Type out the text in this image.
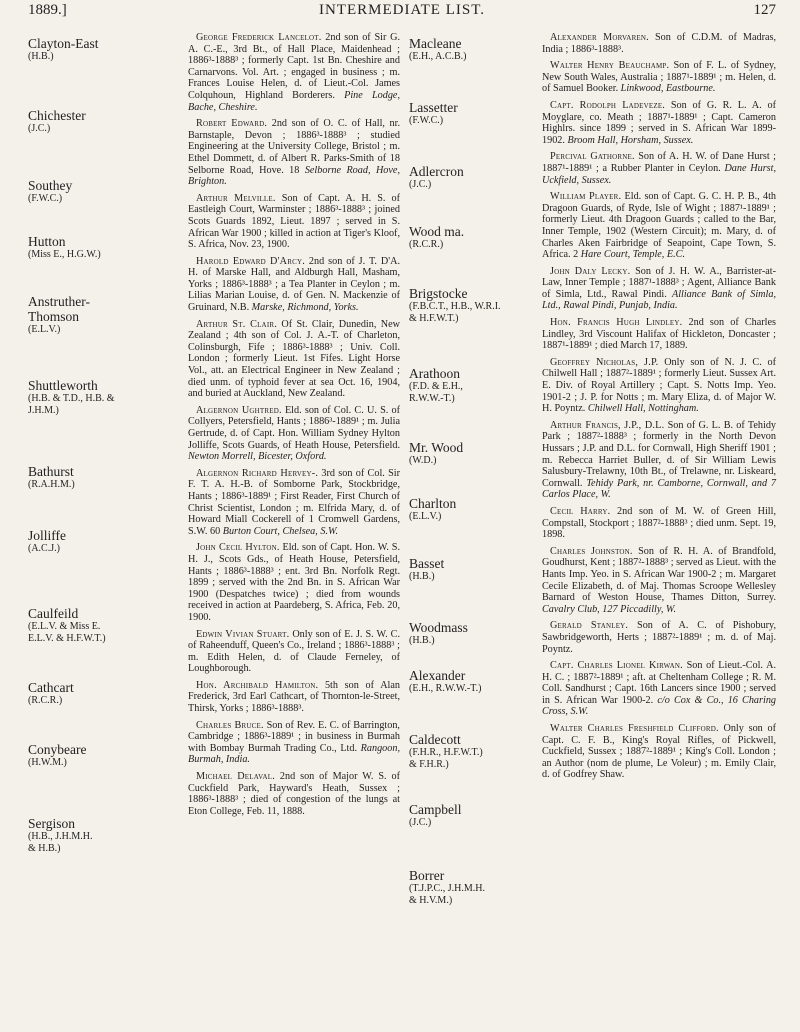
1889.]	INTERMEDIATE LIST.	127
Clayton-East
(H.B.)
Chichester
(J.C.)
Southey
(F.W.C.)
Hutton
(Miss E., H.G.W.)
Anstruther-
Thomson
(E.L.V.)
Shuttleworth
(H.B. & T.D., H.B. &
J.H.M.)
Bathurst
(R.A.H.M.)
Jolliffe
(A.C.J.)
Caulfeild
(E.L.V. & Miss E.
E.L.V. & H.F.W.T.)
Cathcart
(R.C.R.)
Conybeare
(H.W.M.)
Sergison
(H.B., J.H.M.H.
& H.B.)

George Frederick Lancelot. 2nd son of Sir G. A. C.-E., 3rd Bt., of Hall Place, Maidenhead ; 1886³-1888³ ; formerly Capt. 1st Bn. Cheshire and Carnarvons. Vol. Art. ; engaged in business ; m. Frances Louise Helen, d. of Lieut.-Col. James Colquhoun, Highland Borderers. Pine Lodge, Bache, Cheshire.

Robert Edward. 2nd son of O. C. of Hall, nr. Barnstaple, Devon ; 1886³-1888³ ; studied Engineering at the University College, Bristol ; m. Ethel Dommett, d. of Albert R. Parks-Smith of 18 Selborne Road, Hove. 18 Selborne Road, Hove, Brighton.

Arthur Melville. Son of Capt. A. H. S. of Eastleigh Court, Warminster ; 1886³-1888³ ; joined Scots Guards 1892, Lieut. 1897 ; served in S. African War 1900 ; killed in action at Tiger's Kloof, S. Africa, Nov. 23, 1900.

Harold Edward D'Arcy. 2nd son of J. T. D'A. H. of Marske Hall, and Aldburgh Hall, Masham, Yorks ; 1886³-1888³ ; a Tea Planter in Ceylon ; m. Lilias Marian Louise, d. of Gen. N. Mackenzie of Gruinard, N.B. Marske, Richmond, Yorks.

Arthur St. Clair. Of St. Clair, Dunedin, New Zealand ; 4th son of Col. J. A.-T. of Charleton, Colinsburgh, Fife ; 1886³-1888³ ; Univ. Coll. London ; formerly Lieut. 1st Fifes. Light Horse Vol., att. an Electrical Engineer in New Zealand ; died unm. of typhoid fever at sea Oct. 16, 1904, and buried at Auckland, New Zealand.

Algernon Ughtred. Eld. son of Col. C. U. S. of Collyers, Petersfield, Hants ; 1886³-1889¹ ; m. Julia Gertrude, d. of Capt. Hon. William Sydney Hylton Jolliffe, Scots Guards, of Heath House, Petersfield. Newton Morrell, Bicester, Oxford.

Algernon Richard Hervey-. 3rd son of Col. Sir F. T. A. H.-B. of Somborne Park, Stockbridge, Hants ; 1886³-1889¹ ; First Reader, First Church of Christ Scientist, London ; m. Elfrida Mary, d. of Howard Miall Cockerell of 1 Cromwell Gardens, S.W. 60 Burton Court, Chelsea, S.W.

John Cecil Hylton. Eld. son of Capt. Hon. W. S. H. J., Scots Gds., of Heath House, Petersfield, Hants ; 1886³-1888³ ; ent. 3rd Bn. Norfolk Regt. 1899 ; served with the 2nd Bn. in S. African War 1900 (Despatches twice) ; died from wounds received in action at Paardeberg, S. Africa, Feb. 20, 1900.

Edwin Vivian Stuart. Only son of E. J. S. W. C. of Raheenduff, Queen's Co., Ireland ; 1886³-1888³ ; m. Edith Helen, d. of Claude Ferneley, of Loughborough.

Hon. Archibald Hamilton. 5th son of Alan Frederick, 3rd Earl Cathcart, of Thornton-le-Street, Thirsk, Yorks ; 1886³-1888³.

Charles Bruce. Son of Rev. E. C. of Barrington, Cambridge ; 1886³-1889¹ ; in business in Burmah with Bombay Burmah Trading Co., Ltd. Rangoon, Burmah, India.

Michael Delaval. 2nd son of Major W. S. of Cuckfield Park, Hayward's Heath, Sussex ; 1886³-1888³ ; died of congestion of the lungs at Eton College, Feb. 11, 1888.

Macleane
(E.H., A.C.B.)
Lassetter
(F.W.C.)
Adlercron
(J.C.)
Wood ma.
(R.C.R.)
Brigstocke
(F.B.C.T., H.B., W.R.I.
& H.F.W.T.)
Arathoon
(F.D. & E.H.,
R.W.W.-T.)
Mr. Wood
(W.D.)
Charlton
(E.L.V.)
Basset
(H.B.)
Woodmass
(H.B.)
Alexander
(E.H., R.W.W.-T.)
Caldecott
(F.H.R., H.F.W.T.)
& F.H.R.)
Campbell
(J.C.)
Borrer
(T.J.P.C., J.H.M.H.
& H.V.M.)

Alexander Morvaren. Son of C.D.M. of Madras, India ; 1886³-1888³.

Walter Henry Beauchamp. Son of F. L. of Sydney, New South Wales, Australia ; 1887¹-1889¹ ; m. Helen, d. of Samuel Booker. Linkwood, Eastbourne.

Capt. Rodolph Ladeveze. Son of G. R. L. A. of Moyglare, co. Meath ; 1887¹-1889¹ ; Capt. Cameron Highlrs. since 1899 ; served in S. African War 1899-1902. Broom Hall, Horsham, Sussex.

Percival Gathorne. Son of A. H. W. of Dane Hurst ; 1887¹-1889¹ ; a Rubber Planter in Ceylon. Dane Hurst, Uckfield, Sussex.

William Player. Eld. son of Capt. G. C. H. P. B., 4th Dragoon Guards, of Ryde, Isle of Wight ; 1887¹-1889¹ ; formerly Lieut. 4th Dragoon Guards ; called to the Bar, Inner Temple, 1902 (Western Circuit); m. Mary, d. of Charles Aken Fairbridge of Seapoint, Cape Town, S. Africa. 2 Hare Court, Temple, E.C.

John Daly Lecky. Son of J. H. W. A., Barrister-at-Law, Inner Temple ; 1887¹-1888³ ; Agent, Alliance Bank of Simla, Ltd., Rawal Pindi. Alliance Bank of Simla, Ltd., Rawal Pindi, Punjab, India.

Hon. Francis Hugh Lindley. 2nd son of Charles Lindley, 3rd Viscount Halifax of Hickleton, Doncaster ; 1887¹-1889¹ ; died March 17, 1889.

Geoffrey Nicholas, J.P. Only son of N. J. C. of Chilwell Hall ; 1887²-1889¹ ; formerly Lieut. Sussex Art. E. Div. of Royal Artillery ; Capt. S. Notts Imp. Yeo. 1901-2 ; J. P. for Notts ; m. Mary Eliza, d. of Major W. H. Poyntz. Chilwell Hall, Nottingham.

Arthur Francis, J.P., D.L. Son of G. L. B. of Tehidy Park ; 1887²-1888³ ; formerly in the North Devon Hussars ; J.P. and D.L. for Cornwall, High Sheriff 1901 ; m. Rebecca Harriet Buller, d. of Sir William Lewis Salusbury-Trelawny, 10th Bt., of Trelawne, nr. Liskeard, Cornwall. Tehidy Park, nr. Camborne, Cornwall, and 7 Carlos Place, W.

Cecil Harry. 2nd son of M. W. of Green Hill, Compstall, Stockport ; 1887²-1888³ ; died unm. Sept. 19, 1898.

Charles Johnston. Son of R. H. A. of Brandfold, Goudhurst, Kent ; 1887²-1888³ ; served as Lieut. with the Hants Imp. Yeo. in S. African War 1900-2 ; m. Margaret Cecile Elizabeth, d. of Maj. Thomas Scroope Wellesley Barnard of Weston House, Thames Ditton, Surrey. Cavalry Club, 127 Piccadilly, W.

Gerald Stanley. Son of A. C. of Pishobury, Sawbridgeworth, Herts ; 1887²-1889¹ ; m. d. of Maj. Poyntz.

Capt. Charles Lionel Kirwan. Son of Lieut.-Col. A. H. C. ; 1887²-1889¹ ; aft. at Cheltenham College ; R. M. Coll. Sandhurst ; Capt. 16th Lancers since 1900 ; served in S. African War 1900-2. c/o Cox & Co., 16 Charing Cross, S.W.

Walter Charles Freshfield Clifford. Only son of Capt. C. F. B., King's Royal Rifles, of Pickwell, Cuckfield, Sussex ; 1887²-1889¹ ; King's Coll. London ; an Author (nom de plume, Le Voleur) ; m. Emily Clair, d. of Godfrey Shaw.
